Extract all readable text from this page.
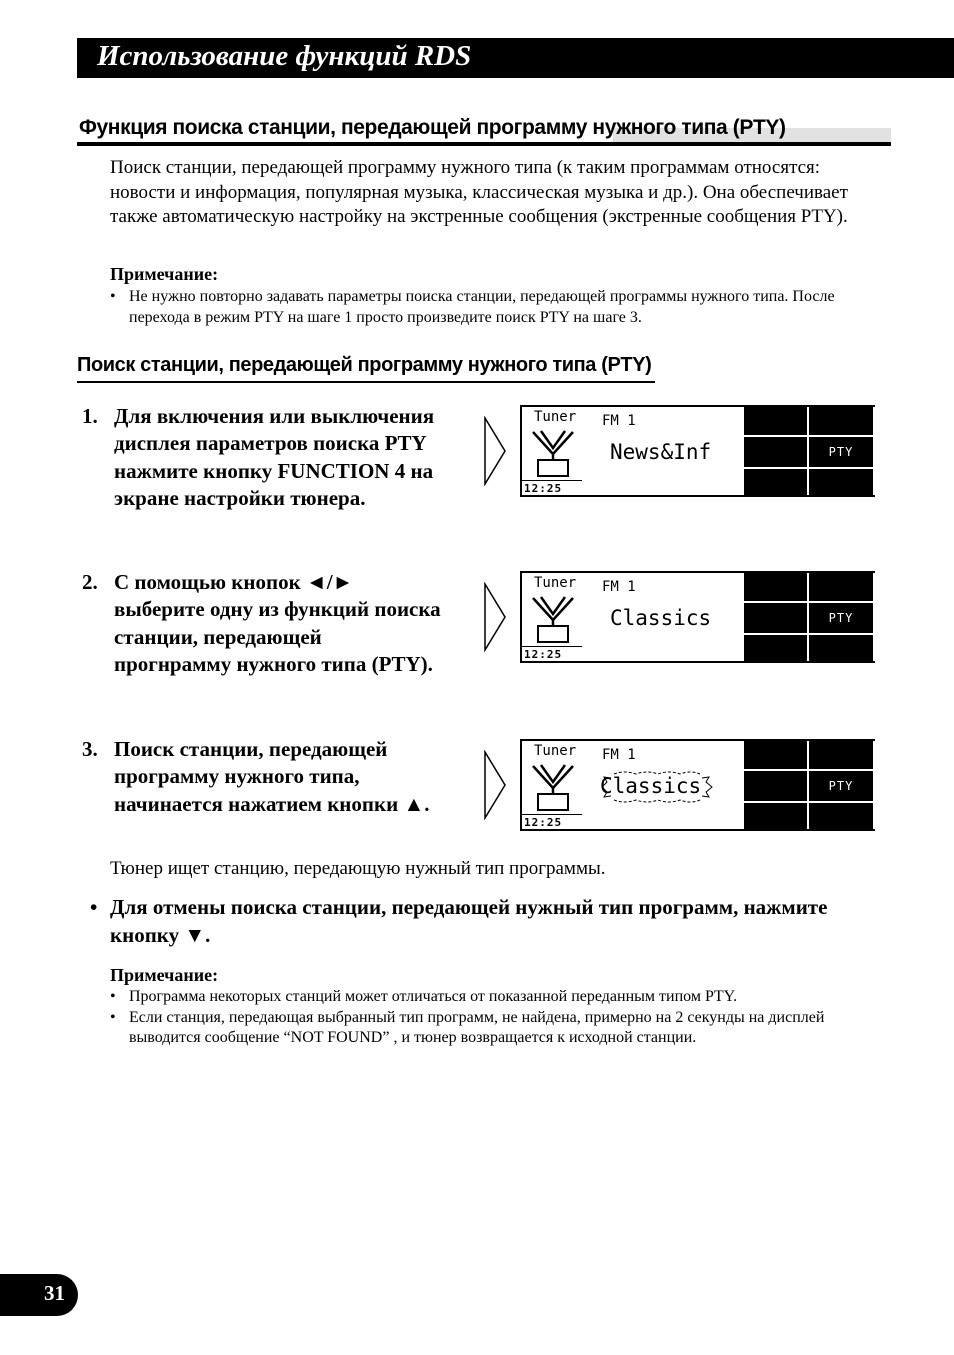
Использование функций RDS
Функция поиска станции, передающей программу нужного типа (PTY)

Поиск станции, передающей программу нужного типа (к таким программам относятся: новости и информация, популярная музыка, классическая музыка и др.). Она обеспечивает также автоматическую настройку на экстренные сообщения (экстренные сообщения PTY).

Примечание:
• Не нужно повторно задавать параметры поиска станции, передающей программы нужного типа. После перехода в режим PTY на шаге 1 просто произведите поиск PTY на шаге 3.
Поиск станции, передающей программу нужного типа (PTY)
1. Для включения или выключения дисплея параметров поиска PTY нажмите кнопку FUNCTION 4 на экране настройки тюнера.
Tuner FM 1
12:25
News&Inf	PTY
2. С помощью кнопок ◄/► выберите одну из функций поиска станции, передающей прогнрамму нужного типа (PTY).
Tuner FM 1
12:25
Classics	PTY
3. Поиск станции, передающей программу нужного типа, начинается нажатием кнопки ▲.
Tuner FM 1
12:25
Classics	PTY
Тюнер ищет станцию, передающую нужный тип программы.
• Для отмены поиска станции, передающей нужный тип программ, нажмите кнопку ▼.
Примечание:
• Программа некоторых станций может отличаться от показанной переданным типом PTY.
• Если станция, передающая выбранный тип программ, не найдена, примерно на 2 секунды на дисплей выводится сообщение “NOT FOUND” , и тюнер возвращается к исходной станции.
31
